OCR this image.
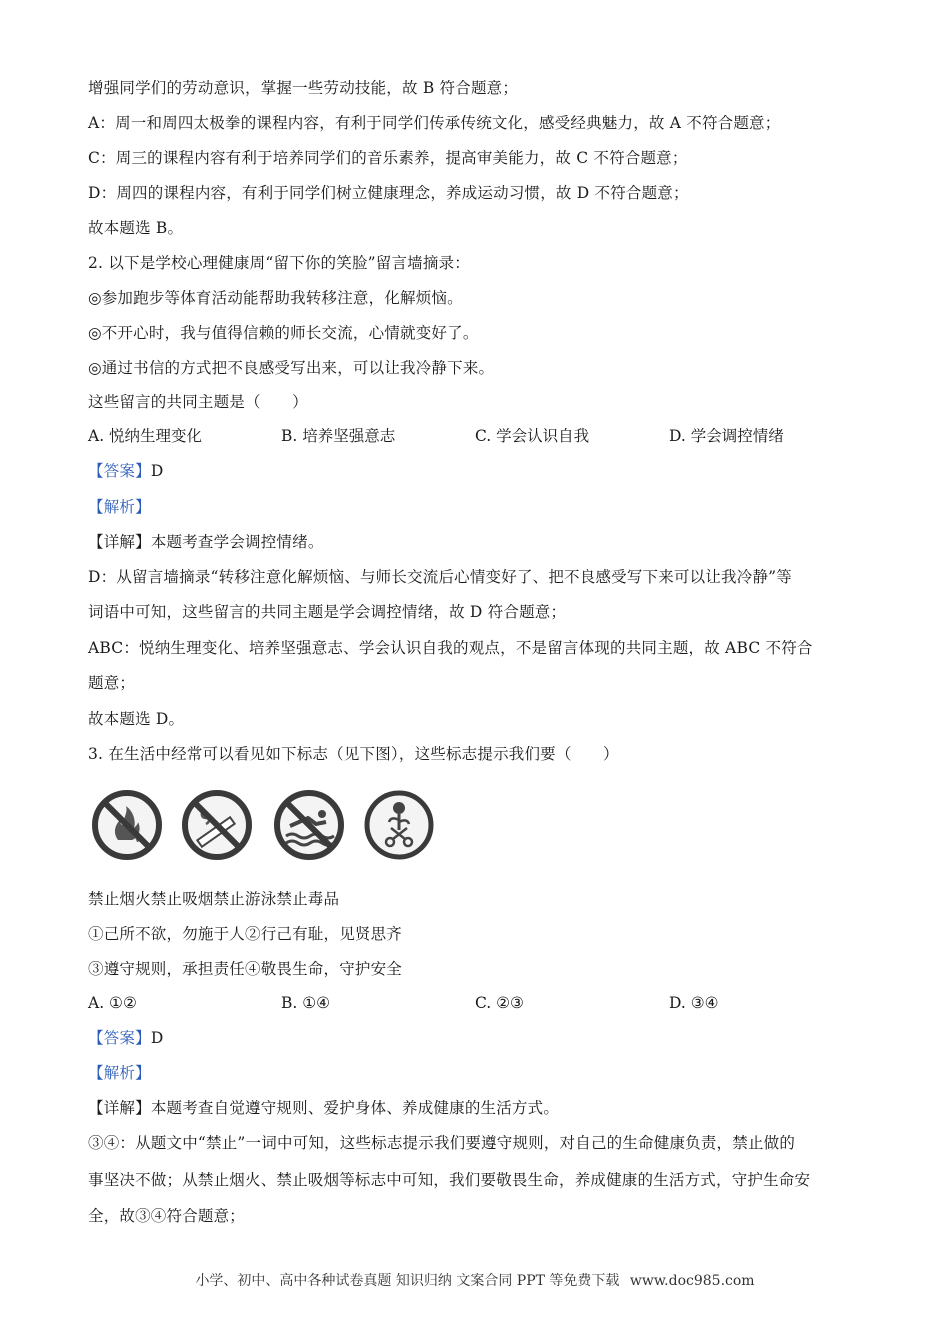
增强同学们的劳动意识，掌握一些劳动技能，故 B 符合题意；
A：周一和周四太极拳的课程内容，有利于同学们传承传统文化，感受经典魅力，故 A 不符合题意；
C：周三的课程内容有利于培养同学们的音乐素养，提高审美能力，故 C 不符合题意；
D：周四的课程内容，有利于同学们树立健康理念，养成运动习惯，故 D 不符合题意；
故本题选 B。
2. 以下是学校心理健康周“留下你的笑脸”留言墙摘录：
◎参加跑步等体育活动能帮助我转移注意，化解烦恼。
◎不开心时，我与值得信赖的师长交流，心情就变好了。
◎通过书信的方式把不良感受写出来，可以让我冷静下来。
这些留言的共同主题是（　　）
A. 悦纳生理变化	B. 培养坚强意志	C. 学会认识自我	D. 学会调控情绪
【答案】D
【解析】
【详解】本题考查学会调控情绪。
D：从留言墙摘录“转移注意化解烦恼、与师长交流后心情变好了、把不良感受写下来可以让我冷静”等
词语中可知，这些留言的共同主题是学会调控情绪，故 D 符合题意；
ABC：悦纳生理变化、培养坚强意志、学会认识自我的观点，不是留言体现的共同主题，故 ABC 不符合
题意；
故本题选 D。
3. 在生活中经常可以看见如下标志（见下图），这些标志提示我们要（　　）
禁止烟火禁止吸烟禁止游泳禁止毒品
①己所不欲，勿施于人②行己有耻，见贤思齐
③遵守规则，承担责任④敬畏生命，守护安全
A. ①②	B. ①④	C. ②③	D. ③④
【答案】D
【解析】
【详解】本题考查自觉遵守规则、爱护身体、养成健康的生活方式。
③④：从题文中“禁止”一词中可知，这些标志提示我们要遵守规则，对自己的生命健康负责，禁止做的
事坚决不做；从禁止烟火、禁止吸烟等标志中可知，我们要敬畏生命，养成健康的生活方式，守护生命安
全，故③④符合题意；
小学、初中、高中各种试卷真题 知识归纳 文案合同 PPT 等免费下载 www.doc985.com
